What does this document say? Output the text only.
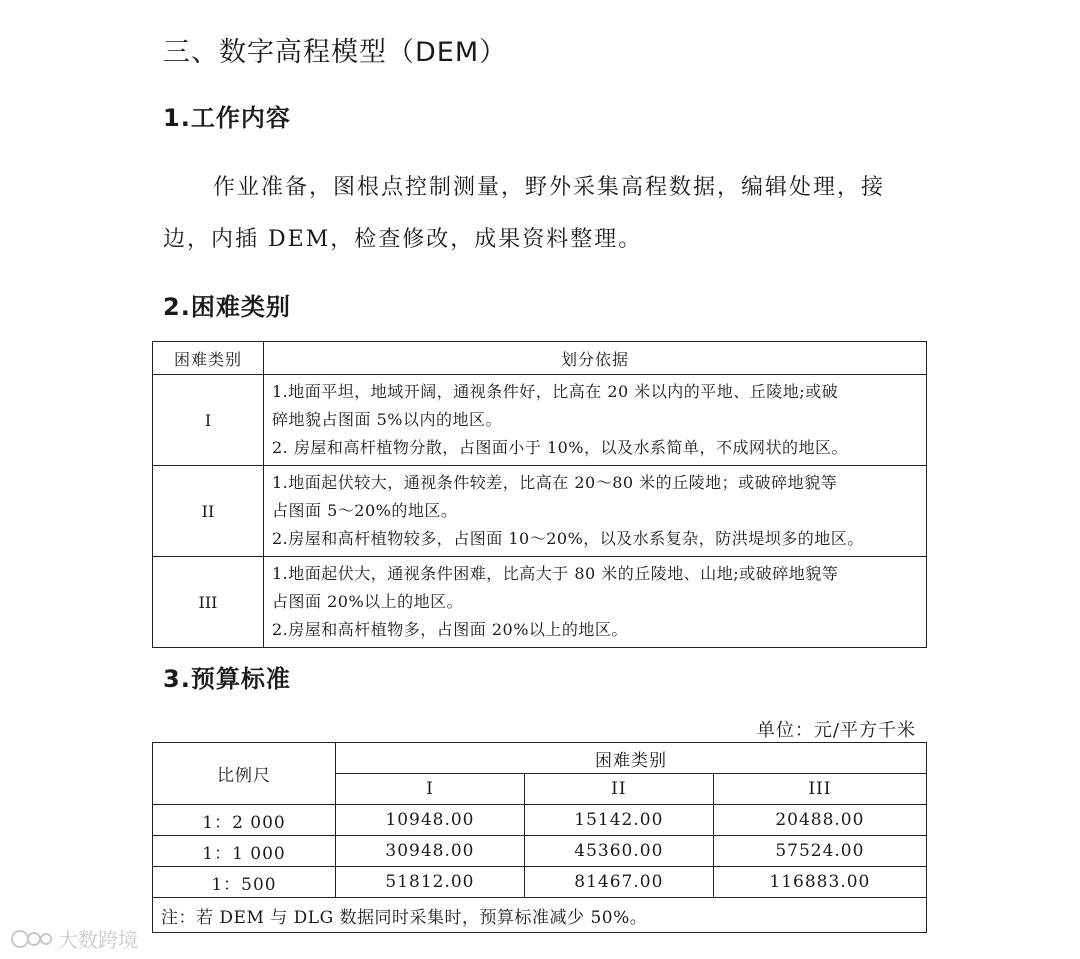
三、数字高程模型（DEM）
1.工作内容

作业准备，图根点控制测量，野外采集高程数据，编辑处理，接

边，内插 DEM，检查修改，成果资料整理。

2.困难类别
困难类别	划分依据
I	1.地面平坦，地域开阔，通视条件好，比高在 20 米以内的平地、丘陵地;或破
碎地貌占图面 5%以内的地区。
2. 房屋和高杆植物分散，占图面小于 10%，以及水系简单，不成网状的地区。

II	1.地面起伏较大，通视条件较差，比高在 20～80 米的丘陵地；或破碎地貌等
占图面 5～20%的地区。
2.房屋和高杆植物较多，占图面 10～20%，以及水系复杂，防洪堤坝多的地区。

III	1.地面起伏大，通视条件困难，比高大于 80 米的丘陵地、山地;或破碎地貌等
占图面 20%以上的地区。
2.房屋和高杆植物多，占图面 20%以上的地区。
3.预算标准
单位：元/平方千米
比例尺	困难类别		
	I	II	III
1：2 000	10948.00	15142.00	20488.00
1：1 000	30948.00	45360.00	57524.00
1：500	51812.00	81467.00	116883.00
注：若 DEM 与 DLG 数据同时采集时，预算标准减少 50%。			
大数跨境
